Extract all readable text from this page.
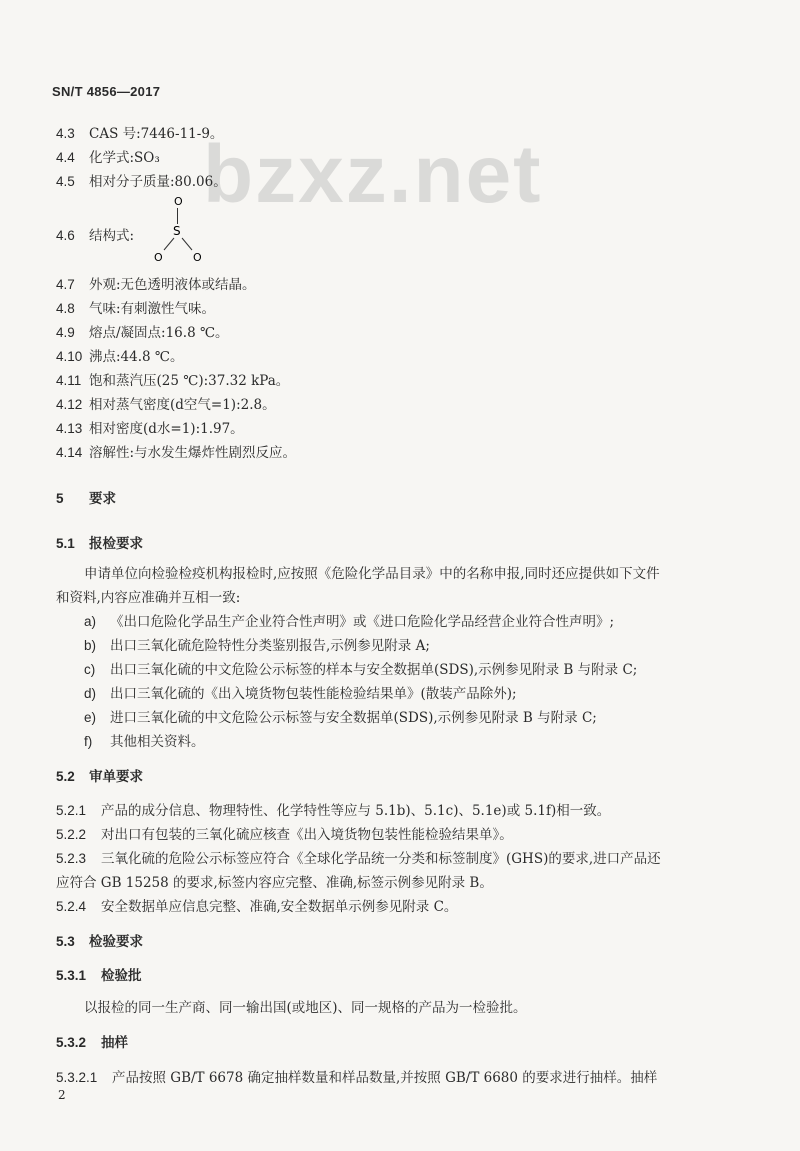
SN/T 4856—2017
bzxz.net
4.3 CAS 号:7446-11-9。
4.4 化学式:SO₃
4.5 相对分子质量:80.06。
4.6 结构式:
O
S
O	O
4.7 外观:无色透明液体或结晶。
4.8 气味:有刺激性气味。
4.9 熔点/凝固点:16.8 ℃。
4.10 沸点:44.8 ℃。
4.11 饱和蒸汽压(25 ℃):37.32 kPa。
4.12 相对蒸气密度(d空气=1):2.8。
4.13 相对密度(d水=1):1.97。
4.14 溶解性:与水发生爆炸性剧烈反应。
5 要求
5.1 报检要求
申请单位向检验检疫机构报检时,应按照《危险化学品目录》中的名称申报,同时还应提供如下文件
和资料,内容应准确并互相一致:
a) 《出口危险化学品生产企业符合性声明》或《进口危险化学品经营企业符合性声明》;
b) 出口三氧化硫危险特性分类鉴别报告,示例参见附录 A;
c) 出口三氧化硫的中文危险公示标签的样本与安全数据单(SDS),示例参见附录 B 与附录 C;
d) 出口三氧化硫的《出入境货物包装性能检验结果单》(散装产品除外);
e) 进口三氧化硫的中文危险公示标签与安全数据单(SDS),示例参见附录 B 与附录 C;
f) 其他相关资料。
5.2 审单要求
5.2.1 产品的成分信息、物理特性、化学特性等应与 5.1b)、5.1c)、5.1e)或 5.1f)相一致。
5.2.2 对出口有包装的三氧化硫应核查《出入境货物包装性能检验结果单》。
5.2.3 三氧化硫的危险公示标签应符合《全球化学品统一分类和标签制度》(GHS)的要求,进口产品还
应符合 GB 15258 的要求,标签内容应完整、准确,标签示例参见附录 B。
5.2.4 安全数据单应信息完整、准确,安全数据单示例参见附录 C。
5.3 检验要求
5.3.1 检验批
以报检的同一生产商、同一输出国(或地区)、同一规格的产品为一检验批。
5.3.2 抽样
5.3.2.1 产品按照 GB/T 6678 确定抽样数量和样品数量,并按照 GB/T 6680 的要求进行抽样。抽样
2
